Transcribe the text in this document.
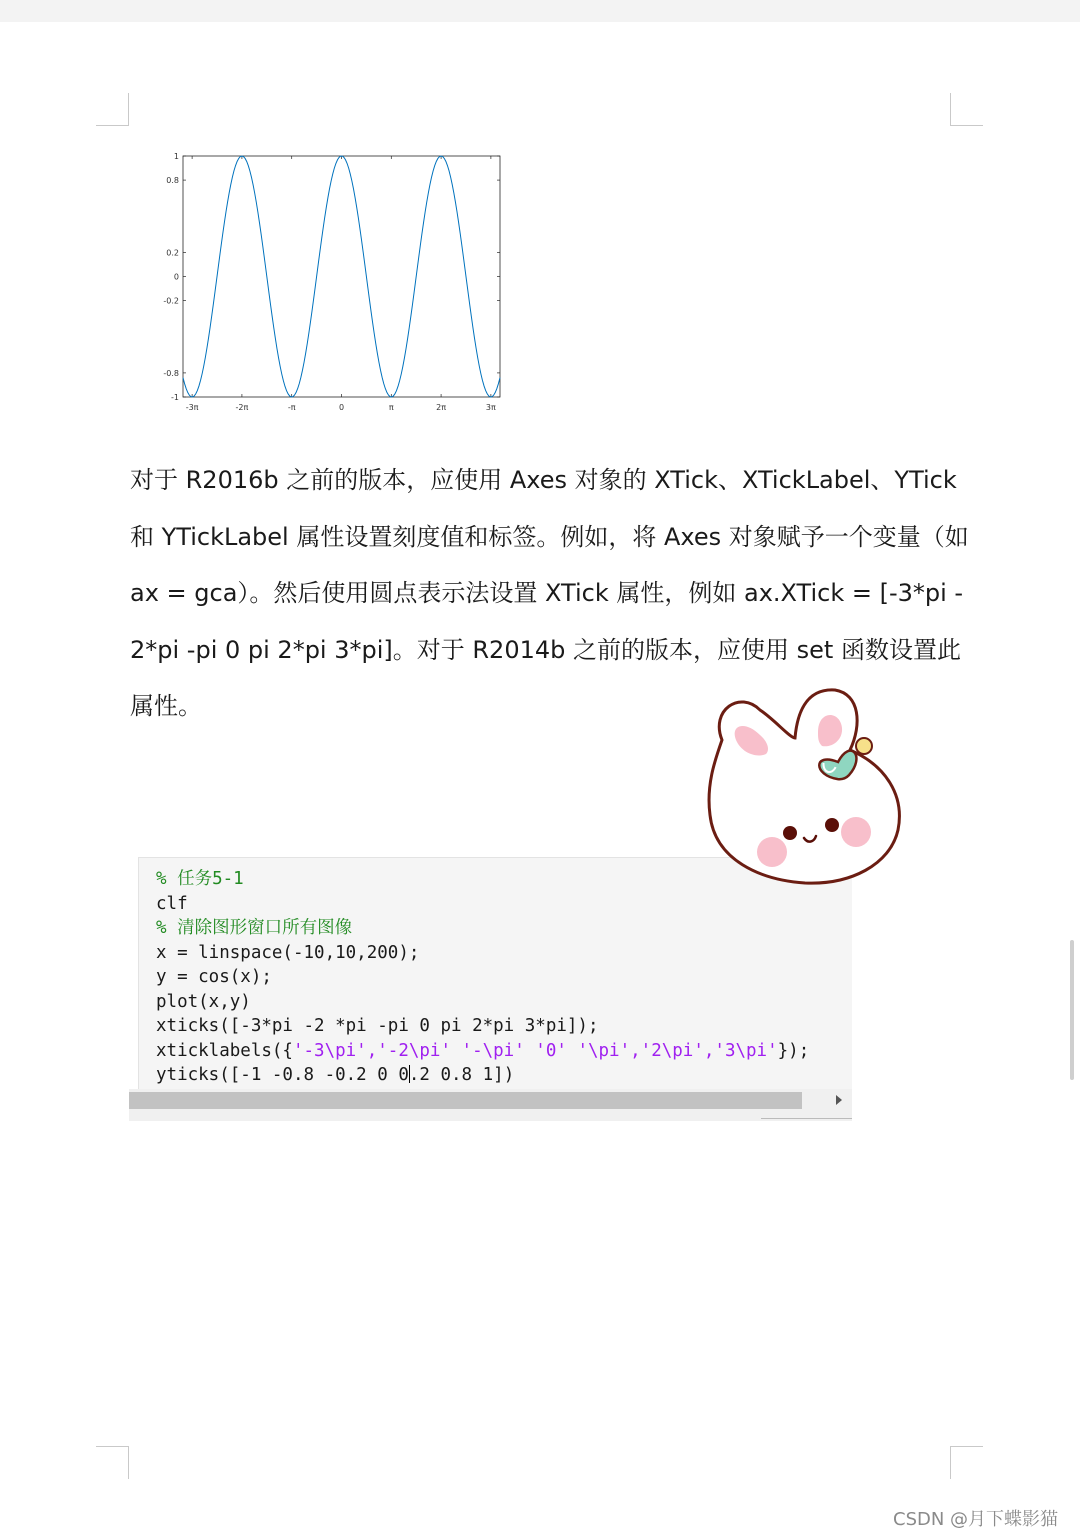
-1
-0.8
-0.2
0
0.2
0.8
1
-3π	-2π	-π	0	π	2π	3π

对于 R2016b 之前的版本，应使用 Axes 对象的 XTick、XTickLabel、YTick

和 YTickLabel 属性设置刻度值和标签。例如，将 Axes 对象赋予一个变量（如

ax = gca）。然后使用圆点表示法设置 XTick 属性，例如 ax.XTick = [-3*pi -

2*pi -pi 0 pi 2*pi 3*pi]。对于 R2014b 之前的版本，应使用 set 函数设置此

属性。

% 任务5-1
clf
% 清除图形窗口所有图像
x = linspace(-10,10,200);
y = cos(x);
plot(x,y)
xticks([-3*pi -2 *pi -pi 0 pi 2*pi 3*pi]);
xticklabels({'-3\pi','-2\pi' '-\pi' '0' '\pi','2\pi','3\pi'});
yticks([-1 -0.8 -0.2 0 0.2 0.8 1])
CSDN @月下蝶影猫
